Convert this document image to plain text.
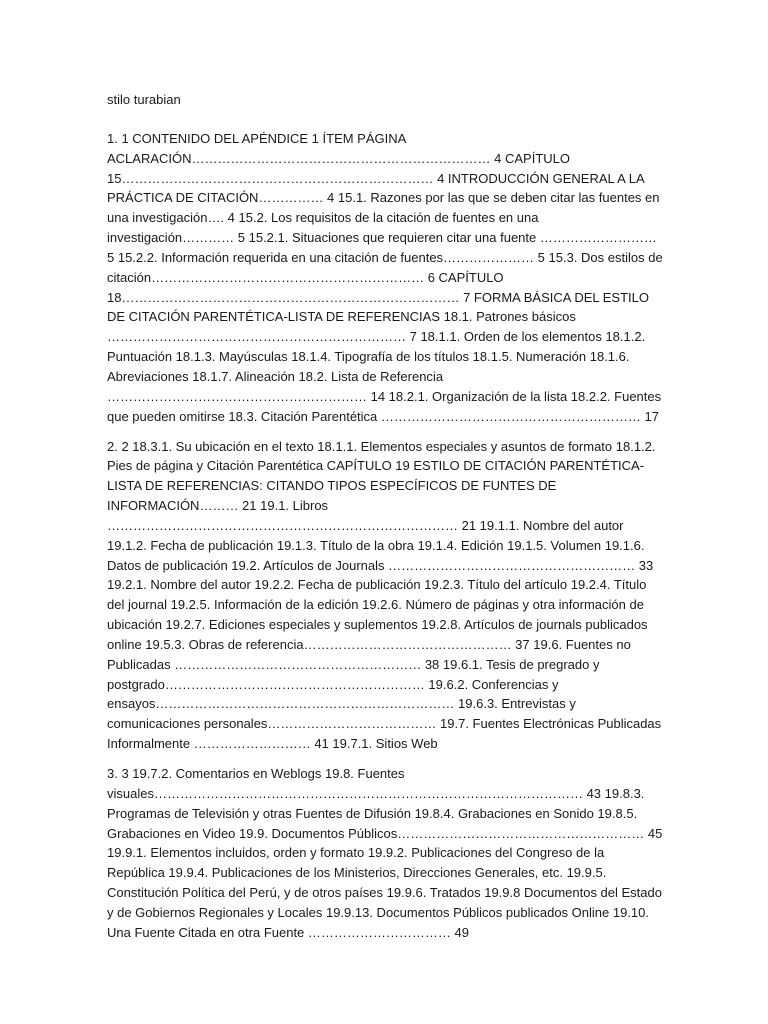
stilo turabian

1. 1 CONTENIDO DEL APÉNDICE 1 ÍTEM PÁGINA ACLARACIÓN…………………………………………………………… 4 CAPÍTULO 15……………………………………………………………… 4 INTRODUCCIÓN GENERAL A LA PRÁCTICA DE CITACIÓN…………… 4 15.1. Razones por las que se deben citar las fuentes en una investigación…. 4 15.2. Los requisitos de la citación de fuentes en una investigación………… 5 15.2.1. Situaciones que requieren citar una fuente ……………………… 5 15.2.2. Información requerida en una citación de fuentes………………… 5 15.3. Dos estilos de citación……………………………………………………… 6 CAPÍTULO 18…………………………………………………………………… 7 FORMA BÁSICA DEL ESTILO DE CITACIÓN PARENTÉTICA-LISTA DE REFERENCIAS 18.1. Patrones básicos …………………………………………………………… 7 18.1.1. Orden de los elementos 18.1.2. Puntuación 18.1.3. Mayúsculas 18.1.4. Tipografía de los títulos 18.1.5. Numeración 18.1.6. Abreviaciones 18.1.7. Alineación 18.2. Lista de Referencia …………………………………………………… 14 18.2.1. Organización de la lista 18.2.2. Fuentes que pueden omitirse 18.3. Citación Parentética …………………………………………………… 17

2. 2 18.3.1. Su ubicación en el texto 18.1.1. Elementos especiales y asuntos de formato 18.1.2. Pies de página y Citación Parentética CAPÍTULO 19 ESTILO DE CITACIÓN PARENTÉTICA-LISTA DE REFERENCIAS: CITANDO TIPOS ESPECÍFICOS DE FUNTES DE INFORMACIÓN……… 21 19.1. Libros ……………………………………………………………………… 21 19.1.1. Nombre del autor 19.1.2. Fecha de publicación 19.1.3. Título de la obra 19.1.4. Edición 19.1.5. Volumen 19.1.6. Datos de publicación 19.2. Artículos de Journals ………………………………………………… 33 19.2.1. Nombre del autor 19.2.2. Fecha de publicación 19.2.3. Título del artículo 19.2.4. Título del journal 19.2.5. Información de la edición 19.2.6. Número de páginas y otra información de ubicación 19.2.7. Ediciones especiales y suplementos 19.2.8. Artículos de journals publicados online 19.5.3. Obras de referencia………………………………………… 37 19.6. Fuentes no Publicadas ………………………………………………… 38 19.6.1. Tesis de pregrado y postgrado…………………………………………………… 19.6.2. Conferencias y ensayos…………………………………………………………… 19.6.3. Entrevistas y comunicaciones personales………………………………… 19.7. Fuentes Electrónicas Publicadas Informalmente ……………………… 41 19.7.1. Sitios Web

3. 3 19.7.2. Comentarios en Weblogs 19.8. Fuentes visuales……………………………………………………………………………………… 43 19.8.3. Programas de Televisión y otras Fuentes de Difusión 19.8.4. Grabaciones en Sonido 19.8.5. Grabaciones en Video 19.9. Documentos Públicos………………………………………………… 45 19.9.1. Elementos incluidos, orden y formato 19.9.2. Publicaciones del Congreso de la República 19.9.4. Publicaciones de los Ministerios, Direcciones Generales, etc. 19.9.5. Constitución Política del Perú, y de otros países 19.9.6. Tratados 19.9.8 Documentos del Estado y de Gobiernos Regionales y Locales 19.9.13. Documentos Públicos publicados Online 19.10. Una Fuente Citada en otra Fuente …………………………… 49
